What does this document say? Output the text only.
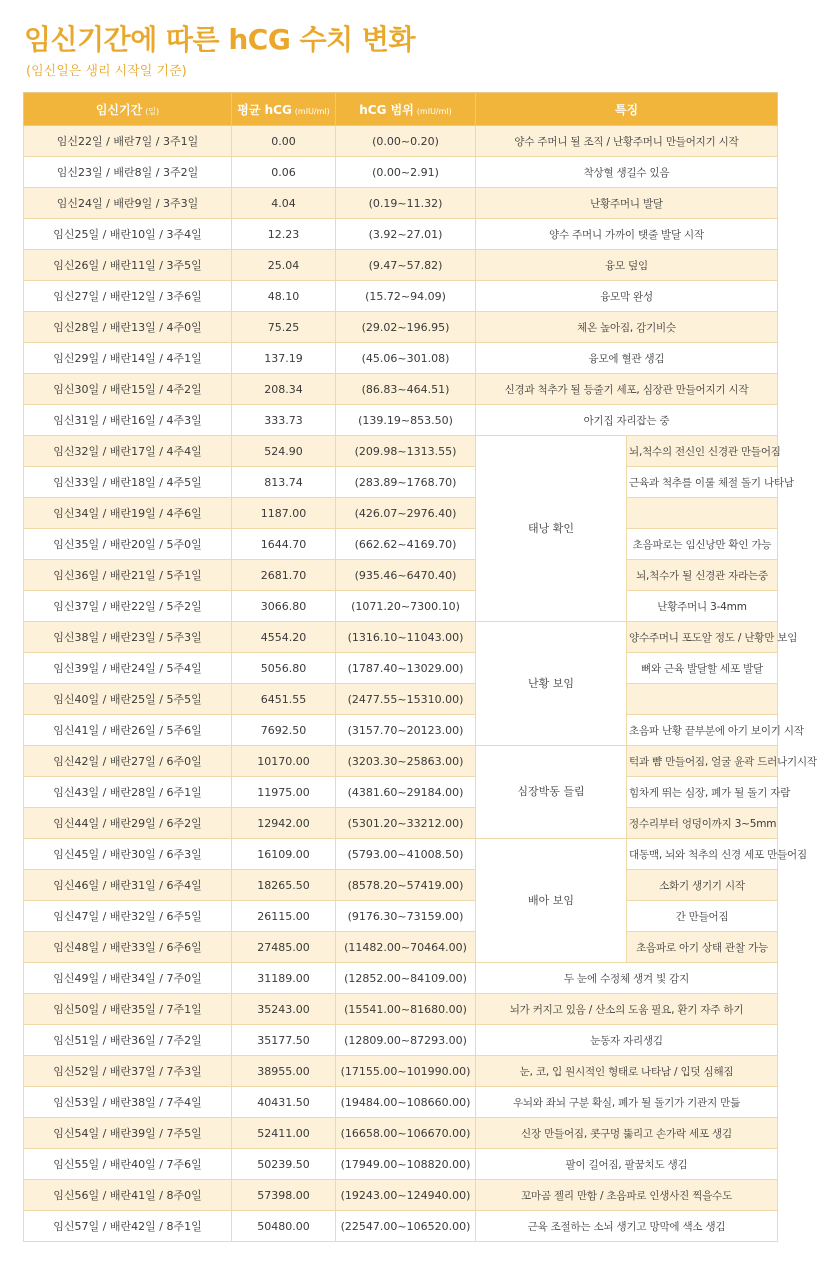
임신기간에 따른 hCG 수치 변화
(임신일은 생리 시작일 기준)
임신기간 (일)	평균 hCG (mIU/ml)	hCG 범위 (mIU/ml)	특징	
임신22일 / 배란7일 / 3주1일	0.00	(0.00~0.20)	양수 주머니 될 조직 / 난황주머니 만들어지기 시작	
임신23일 / 배란8일 / 3주2일	0.06	(0.00~2.91)	착상혈 생길수 있음	
임신24일 / 배란9일 / 3주3일	4.04	(0.19~11.32)	난황주머니 발달	
임신25일 / 배란10일 / 3주4일	12.23	(3.92~27.01)	양수 주머니 가까이 탯줄 발달 시작	
임신26일 / 배란11일 / 3주5일	25.04	(9.47~57.82)	융모 덮임	
임신27일 / 배란12일 / 3주6일	48.10	(15.72~94.09)	융모막 완성	
임신28일 / 배란13일 / 4주0일	75.25	(29.02~196.95)	체온 높아짐, 감기비슷	
임신29일 / 배란14일 / 4주1일	137.19	(45.06~301.08)	융모에 혈관 생김	
임신30일 / 배란15일 / 4주2일	208.34	(86.83~464.51)	신경과 척추가 될 등줄기 세포, 심장관 만들어지기 시작	
임신31일 / 배란16일 / 4주3일	333.73	(139.19~853.50)	아기집 자리잡는 중	
임신32일 / 배란17일 / 4주4일	524.90	(209.98~1313.55)	태낭 확인	뇌,척수의 전신인 신경관 만들어짐
임신33일 / 배란18일 / 4주5일	813.74	(283.89~1768.70)		근육과 척추를 이룰 체절 돌기 나타남
임신34일 / 배란19일 / 4주6일	1187.00	(426.07~2976.40)		
임신35일 / 배란20일 / 5주0일	1644.70	(662.62~4169.70)		초음파로는 임신낭만 확인 가능
임신36일 / 배란21일 / 5주1일	2681.70	(935.46~6470.40)		뇌,척수가 될 신경관 자라는중
임신37일 / 배란22일 / 5주2일	3066.80	(1071.20~7300.10)		난황주머니 3-4mm
임신38일 / 배란23일 / 5주3일	4554.20	(1316.10~11043.00)	난황 보임	양수주머니 포도알 정도 / 난황만 보임
임신39일 / 배란24일 / 5주4일	5056.80	(1787.40~13029.00)		뼈와 근육 발달할 세포 발달
임신40일 / 배란25일 / 5주5일	6451.55	(2477.55~15310.00)		
임신41일 / 배란26일 / 5주6일	7692.50	(3157.70~20123.00)		초음파 난황 끝부분에 아기 보이기 시작
임신42일 / 배란27일 / 6주0일	10170.00	(3203.30~25863.00)	심장박동 들림	턱과 뺨 만들어짐, 얼굴 윤곽 드러나기시작
임신43일 / 배란28일 / 6주1일	11975.00	(4381.60~29184.00)		힘차게 뛰는 심장, 폐가 될 돌기 자람
임신44일 / 배란29일 / 6주2일	12942.00	(5301.20~33212.00)		정수리부터 엉덩이까지 3~5mm
임신45일 / 배란30일 / 6주3일	16109.00	(5793.00~41008.50)	배아 보임	대동맥, 뇌와 척추의 신경 세포 만들어짐
임신46일 / 배란31일 / 6주4일	18265.50	(8578.20~57419.00)		소화기 생기기 시작
임신47일 / 배란32일 / 6주5일	26115.00	(9176.30~73159.00)		간 만들어짐
임신48일 / 배란33일 / 6주6일	27485.00	(11482.00~70464.00)		초음파로 아기 상태 관찰 가능
임신49일 / 배란34일 / 7주0일	31189.00	(12852.00~84109.00)	두 눈에 수정체 생겨 빛 감지	
임신50일 / 배란35일 / 7주1일	35243.00	(15541.00~81680.00)	뇌가 커지고 있음 / 산소의 도움 필요, 환기 자주 하기	
임신51일 / 배란36일 / 7주2일	35177.50	(12809.00~87293.00)	눈동자 자리생김	
임신52일 / 배란37일 / 7주3일	38955.00	(17155.00~101990.00)	눈, 코, 입 원시적인 형태로 나타남 / 입덧 심해짐	
임신53일 / 배란38일 / 7주4일	40431.50	(19484.00~108660.00)	우뇌와 좌뇌 구분 확실, 폐가 될 돌기가 기관지 만듦	
임신54일 / 배란39일 / 7주5일	52411.00	(16658.00~106670.00)	신장 만들어짐, 콧구멍 뚫리고 손가락 세포 생김	
임신55일 / 배란40일 / 7주6일	50239.50	(17949.00~108820.00)	팔이 길어짐, 팔꿈치도 생김	
임신56일 / 배란41일 / 8주0일	57398.00	(19243.00~124940.00)	꼬마곰 젤리 만함 / 초음파로 인생사진 찍을수도	
임신57일 / 배란42일 / 8주1일	50480.00	(22547.00~106520.00)	근육 조절하는 소뇌 생기고 망막에 색소 생김	
